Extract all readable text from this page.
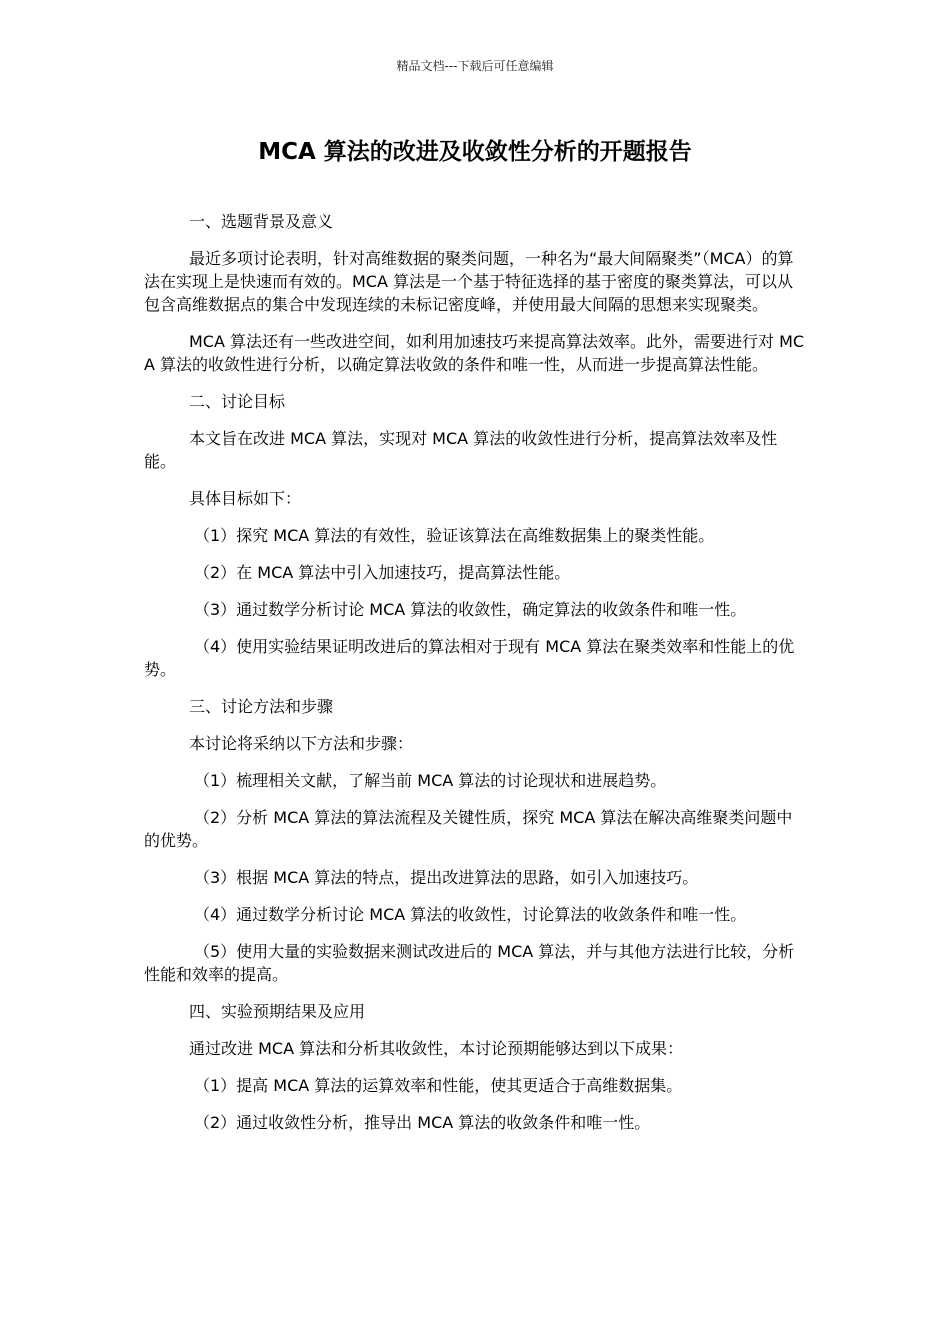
精品文档---下载后可任意编辑
MCA 算法的改进及收敛性分析的开题报告

一、选题背景及意义

最近多项讨论表明，针对高维数据的聚类问题，一种名为“最大间隔聚类”（MCA）的算法在实现上是快速而有效的。MCA 算法是一个基于特征选择的基于密度的聚类算法，可以从包含高维数据点的集合中发现连续的未标记密度峰，并使用最大间隔的思想来实现聚类。

MCA 算法还有一些改进空间，如利用加速技巧来提高算法效率。此外，需要进行对 MCA 算法的收敛性进行分析，以确定算法收敛的条件和唯一性，从而进一步提高算法性能。

二、讨论目标

本文旨在改进 MCA 算法，实现对 MCA 算法的收敛性进行分析，提高算法效率及性能。

具体目标如下：

（1）探究 MCA 算法的有效性，验证该算法在高维数据集上的聚类性能。

（2）在 MCA 算法中引入加速技巧，提高算法性能。

（3）通过数学分析讨论 MCA 算法的收敛性，确定算法的收敛条件和唯一性。

（4）使用实验结果证明改进后的算法相对于现有 MCA 算法在聚类效率和性能上的优势。

三、讨论方法和步骤

本讨论将采纳以下方法和步骤：

（1）梳理相关文献，了解当前 MCA 算法的讨论现状和进展趋势。

（2）分析 MCA 算法的算法流程及关键性质，探究 MCA 算法在解决高维聚类问题中的优势。

（3）根据 MCA 算法的特点，提出改进算法的思路，如引入加速技巧。

（4）通过数学分析讨论 MCA 算法的收敛性，讨论算法的收敛条件和唯一性。

（5）使用大量的实验数据来测试改进后的 MCA 算法，并与其他方法进行比较，分析性能和效率的提高。

四、实验预期结果及应用

通过改进 MCA 算法和分析其收敛性，本讨论预期能够达到以下成果：

（1）提高 MCA 算法的运算效率和性能，使其更适合于高维数据集。

（2）通过收敛性分析，推导出 MCA 算法的收敛条件和唯一性。
